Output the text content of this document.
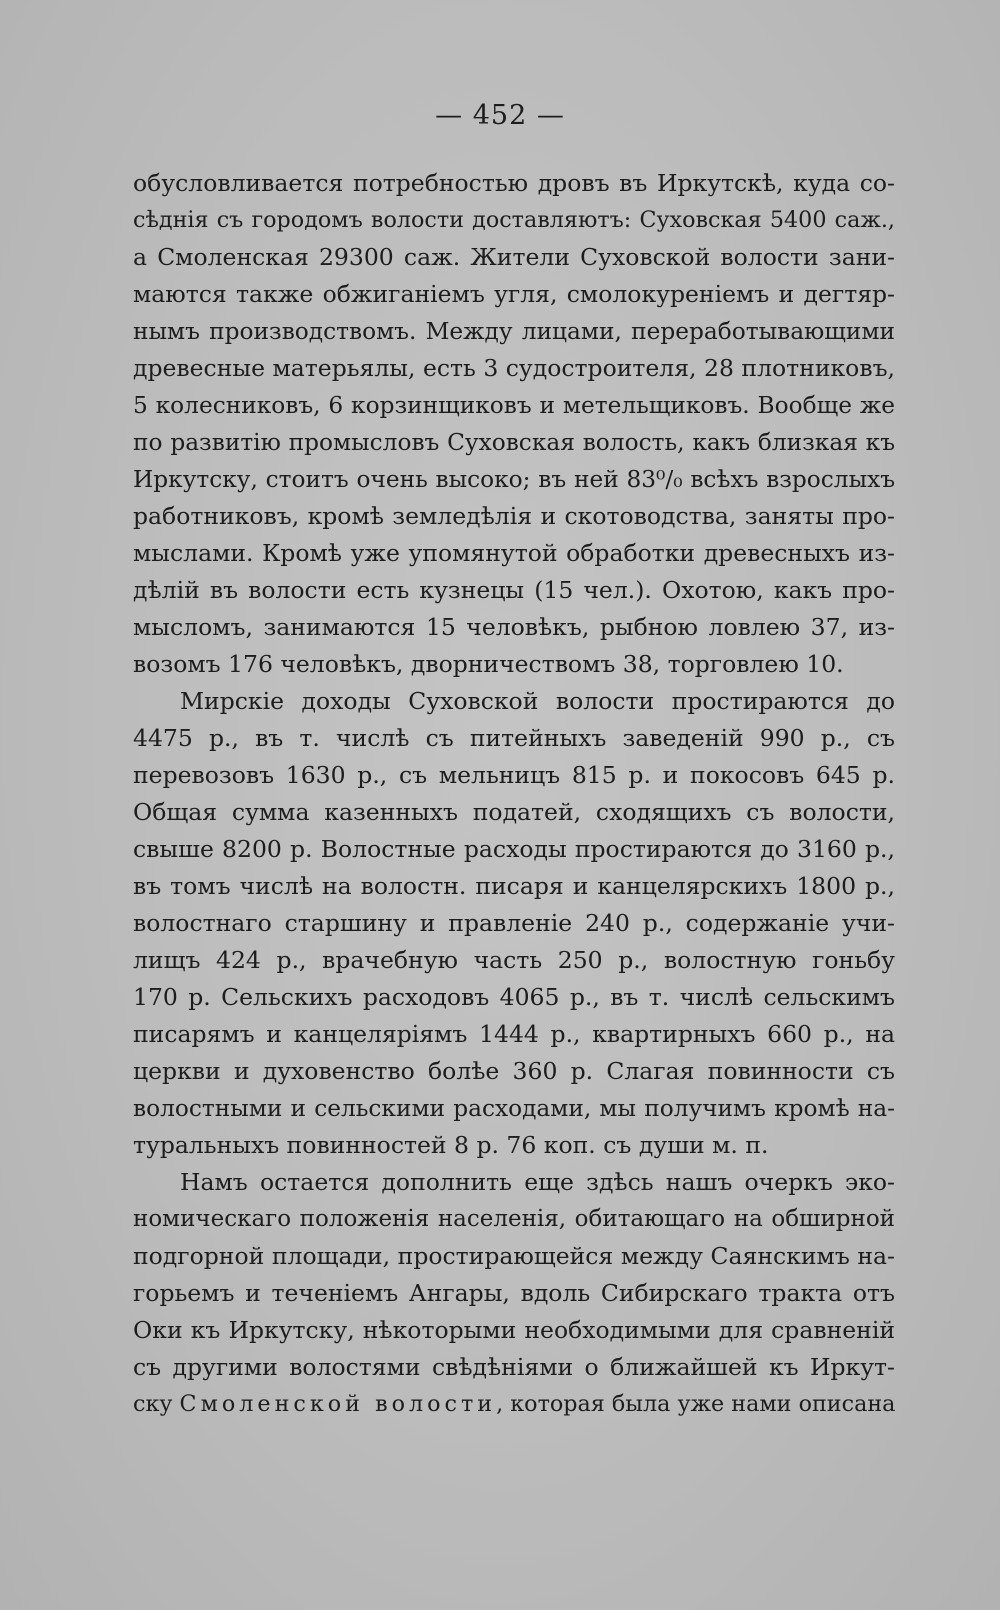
— 452 —
обусловливается потребностью дровъ въ Иркутскѣ, куда со-
сѣднія съ городомъ волости доставляютъ: Суховская 5400 саж.,
а Смоленская 29300 саж. Жители Суховской волости зани-
маются также обжиганіемъ угля, смолокуреніемъ и дегтяр-
нымъ производствомъ. Между лицами, переработывающими
древесные матерьялы, есть 3 судостроителя, 28 плотниковъ,
5 колесниковъ, 6 корзинщиковъ и метельщиковъ. Вообще же
по развитію промысловъ Суховская волость, какъ близкая къ
Иркутску, стоитъ очень высоко; въ ней 83⁰/₀ всѣхъ взрослыхъ
работниковъ, кромѣ земледѣлія и скотоводства, заняты про-
мыслами. Кромѣ уже упомянутой обработки древесныхъ из-
дѣлій въ волости есть кузнецы (15 чел.). Охотою, какъ про-
мысломъ, занимаются 15 человѣкъ, рыбною ловлею 37, из-
возомъ 176 человѣкъ, дворничествомъ 38, торговлею 10.
Мирскіе доходы Суховской волости простираются до
4475 р., въ т. числѣ съ питейныхъ заведеній 990 р., съ
перевозовъ 1630 р., съ мельницъ 815 р. и покосовъ 645 р.
Общая сумма казенныхъ податей, сходящихъ съ волости,
свыше 8200 р. Волостные расходы простираются до 3160 р.,
въ томъ числѣ на волостн. писаря и канцелярскихъ 1800 р.,
волостнаго старшину и правленіе 240 р., содержаніе учи-
лищъ 424 р., врачебную часть 250 р., волостную гоньбу
170 р. Сельскихъ расходовъ 4065 р., въ т. числѣ сельскимъ
писарямъ и канцеляріямъ 1444 р., квартирныхъ 660 р., на
церкви и духовенство болѣе 360 р. Слагая повинности съ
волостными и сельскими расходами, мы получимъ кромѣ на-
туральныхъ повинностей 8 р. 76 коп. съ души м. п.
Намъ остается дополнить еще здѣсь нашъ очеркъ эко-
номическаго положенія населенія, обитающаго на обширной
подгорной площади, простирающейся между Саянскимъ на-
горьемъ и теченіемъ Ангары, вдоль Сибирскаго тракта отъ
Оки къ Иркутску, нѣкоторыми необходимыми для сравненій
съ другими волостями свѣдѣніями о ближайшей къ Иркут-
ску Смоленской волости, которая была уже нами описана
